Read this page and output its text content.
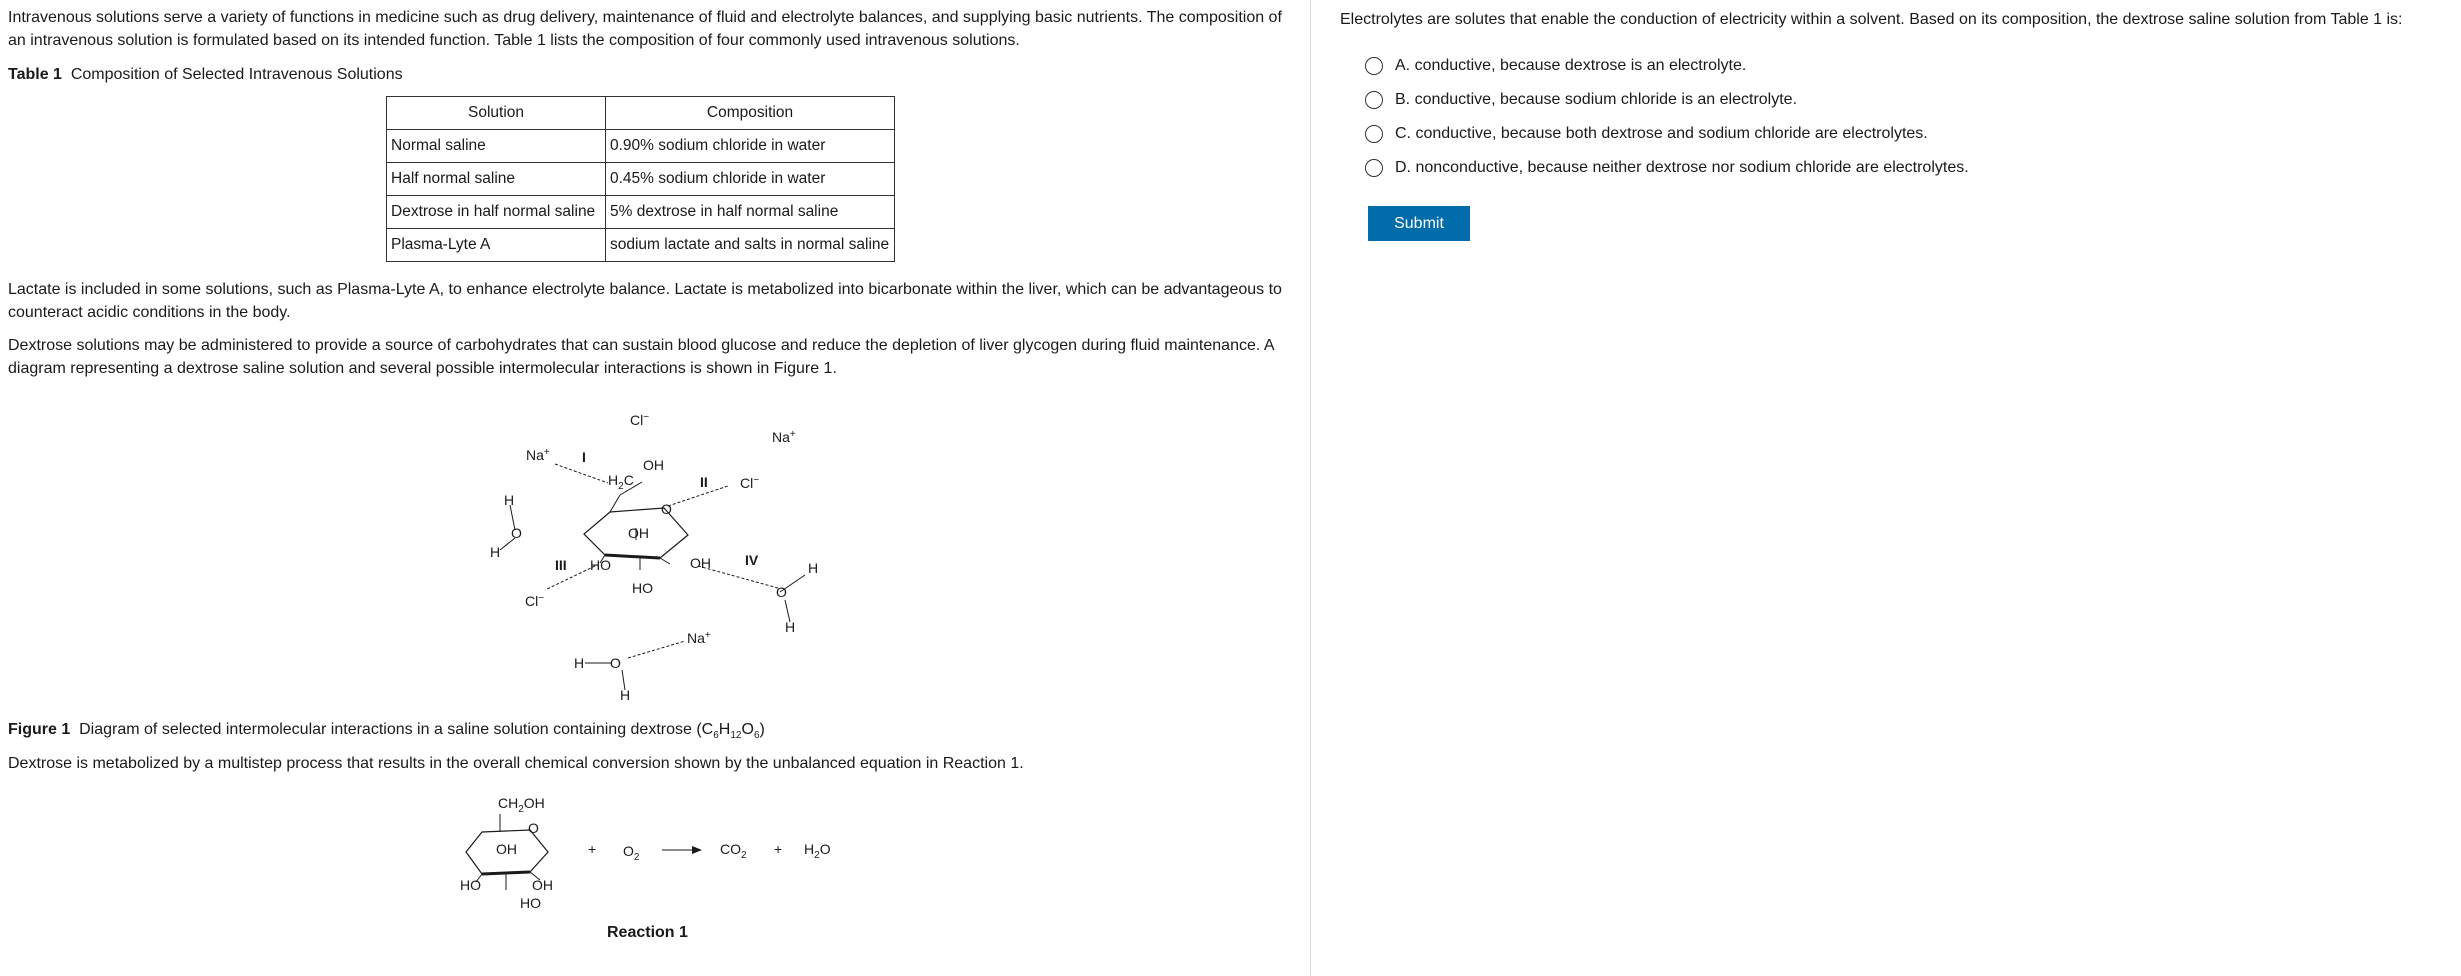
Intravenous solutions serve a variety of functions in medicine such as drug delivery, maintenance of fluid and electrolyte balances, and supplying basic nutrients. The composition of an intravenous solution is formulated based on its intended function. Table 1 lists the composition of four commonly used intravenous solutions.

Table 1 Composition of Selected Intravenous Solutions

Solution	Composition
Normal saline	0.90% sodium chloride in water
Half normal saline	0.45% sodium chloride in water
Dextrose in half normal saline	5% dextrose in half normal saline
Plasma-Lyte A	sodium lactate and salts in normal saline

Lactate is included in some solutions, such as Plasma-Lyte A, to enhance electrolyte balance. Lactate is metabolized into bicarbonate within the liver, which can be advantageous to counteract acidic conditions in the body.

Dextrose solutions may be administered to provide a source of carbohydrates that can sustain blood glucose and reduce the depletion of liver glycogen during fluid maintenance. A diagram representing a dextrose saline solution and several possible intermolecular interactions is shown in Figure 1.

Cl−
Na+
Na+ I
$H_2C$
OH
II Cl−
O
OH
H
O
H
III HO	OH IV	H
HO	O
Cl−
H
Na+
H O
H

Figure 1 Diagram of selected intermolecular interactions in a saline solution containing dextrose $(C_6H_{12}O_6)$

Dextrose is metabolized by a multistep process that results in the overall chemical conversion shown by the unbalanced equation in Reaction 1.

$CH_2OH$
O
OH
HO	OH
HO
+ $O_2$
$CO_2 + H_2O$
Reaction 1

Electrolytes are solutes that enable the conduction of electricity within a solvent. Based on its composition, the dextrose saline solution from Table 1 is:

A.
conductive, because dextrose is an electrolyte.
B.
conductive, because sodium chloride is an electrolyte.
C.
conductive, because both dextrose and sodium chloride are electrolytes.
D.
nonconductive, because neither dextrose nor sodium chloride are electrolytes.
Submit
